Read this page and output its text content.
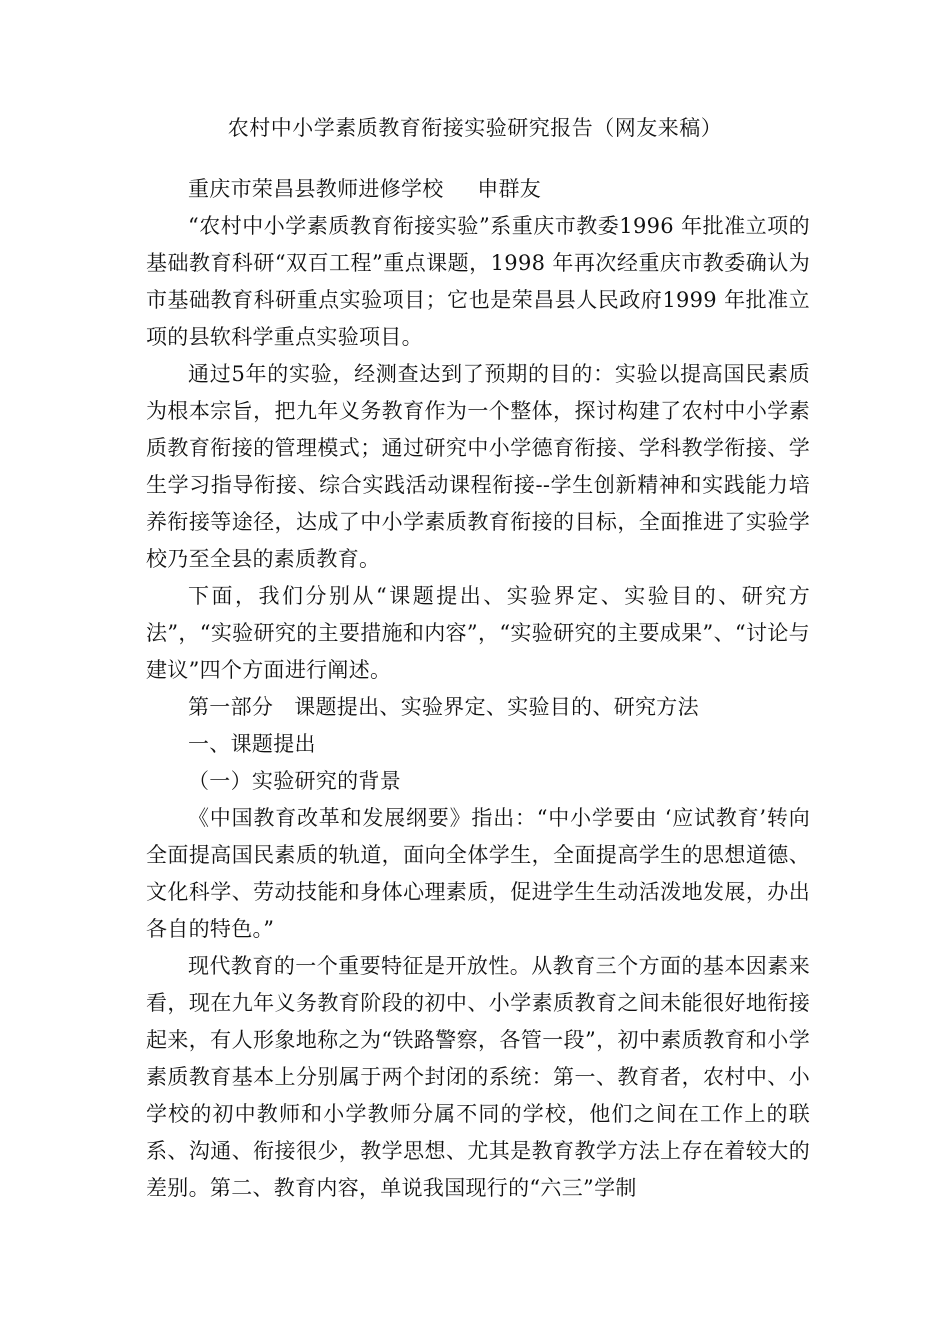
农村中小学素质教育衔接实验研究报告（网友来稿）

重庆市荣昌县教师进修学校 申群友

“农村中小学素质教育衔接实验”系重庆市教委1996 年批准立项的基础教育科研“双百工程”重点课题，1998 年再次经重庆市教委确认为市基础教育科研重点实验项目；它也是荣昌县人民政府1999 年批准立项的县软科学重点实验项目。

通过5年的实验，经测查达到了预期的目的：实验以提高国民素质为根本宗旨，把九年义务教育作为一个整体，探讨构建了农村中小学素质教育衔接的管理模式；通过研究中小学德育衔接、学科教学衔接、学生学习指导衔接、综合实践活动课程衔接--学生创新精神和实践能力培养衔接等途径，达成了中小学素质教育衔接的目标，全面推进了实验学校乃至全县的素质教育。

下面，我们分别从“课题提出、实验界定、实验目的、研究方法”，“实验研究的主要措施和内容”，“实验研究的主要成果”、“讨论与建议”四个方面进行阐述。

第一部分 课题提出、实验界定、实验目的、研究方法

一、课题提出

（一）实验研究的背景

《中国教育改革和发展纲要》指出：“中小学要由 ‘应试教育’转向全面提高国民素质的轨道，面向全体学生，全面提高学生的思想道德、文化科学、劳动技能和身体心理素质，促进学生生动活泼地发展，办出各自的特色。”

现代教育的一个重要特征是开放性。从教育三个方面的基本因素来看，现在九年义务教育阶段的初中、小学素质教育之间未能很好地衔接起来，有人形象地称之为“铁路警察，各管一段”，初中素质教育和小学素质教育基本上分别属于两个封闭的系统：第一、教育者，农村中、小学校的初中教师和小学教师分属不同的学校，他们之间在工作上的联系、沟通、衔接很少，教学思想、尤其是教育教学方法上存在着较大的差别。第二、教育内容，单说我国现行的“六三”学制
